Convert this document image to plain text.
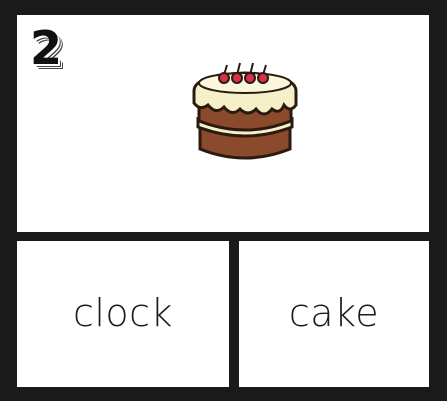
2
clock	cake
